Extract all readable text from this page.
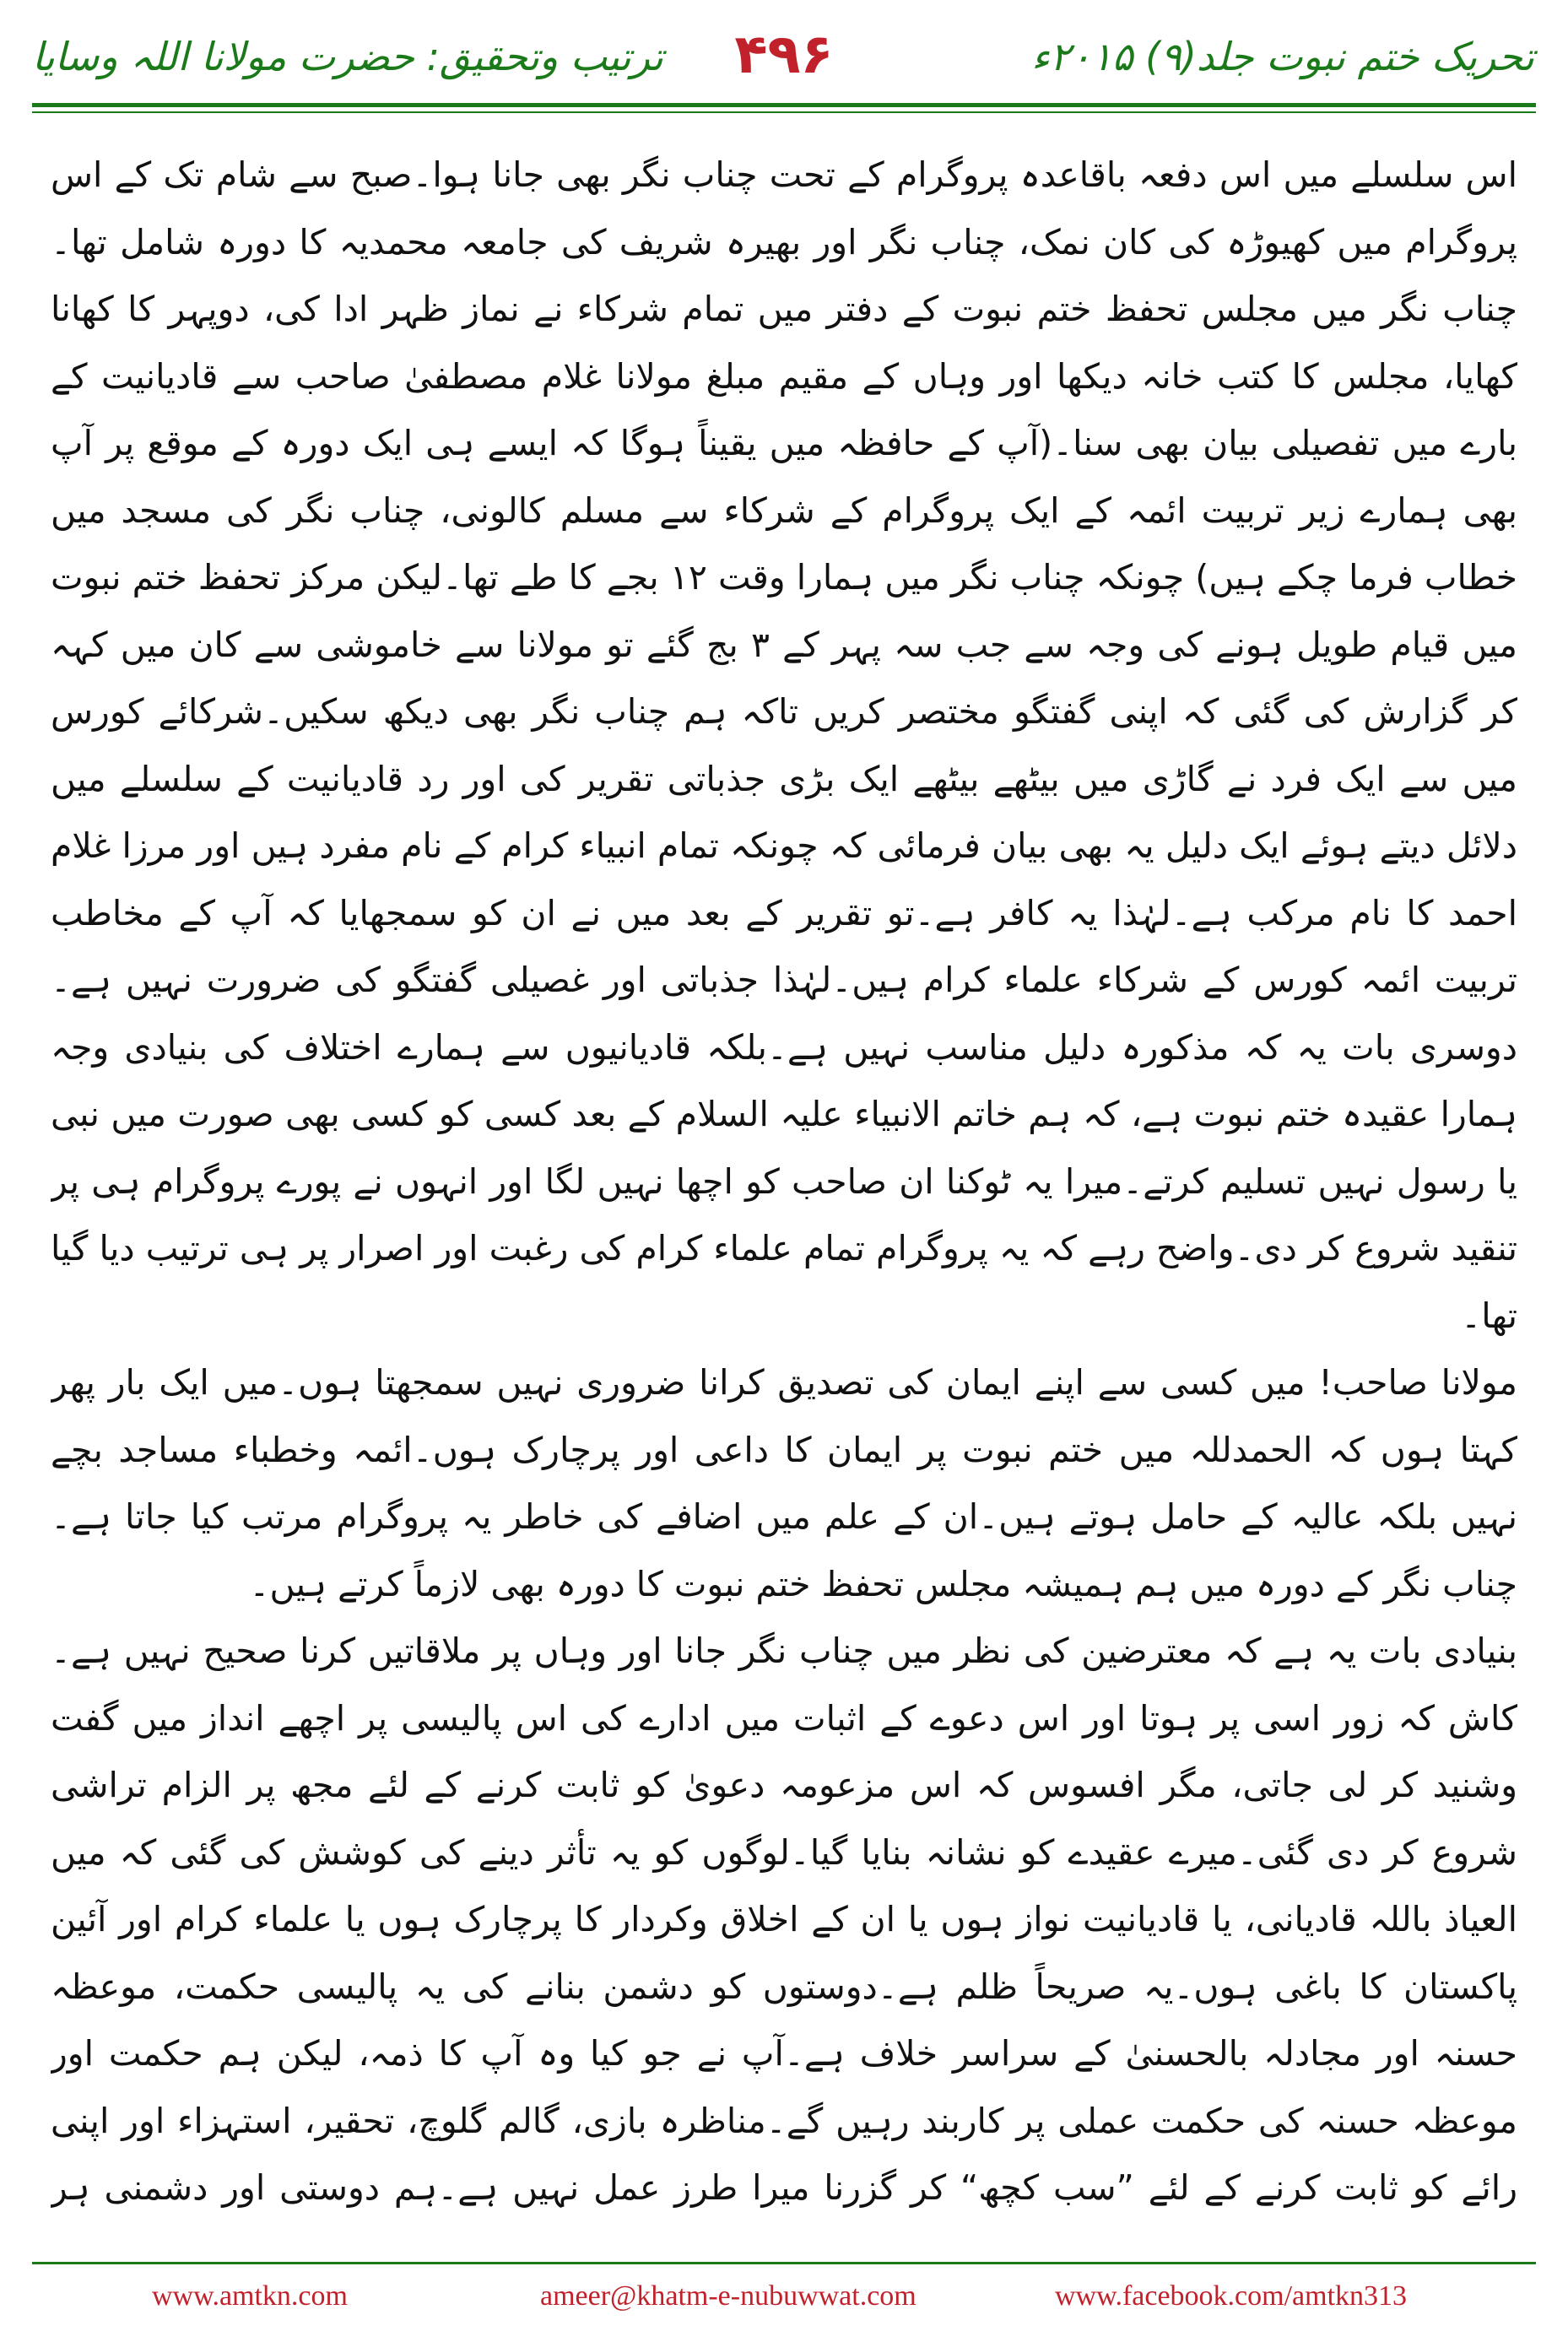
تحریک ختم نبوت جلد(۹) ۲۰۱۵ء
۴۹۶
ترتیب وتحقیق: حضرت مولانا اللہ وسایا

اس سلسلے میں اس دفعہ باقاعدہ پروگرام کے تحت چناب نگر بھی جانا ہوا۔صبح سے شام تک کے اس پروگرام میں کھیوڑہ کی کان نمک، چناب نگر اور بھیرہ شریف کی جامعہ محمدیہ کا دورہ شامل تھا۔چناب نگر میں مجلس تحفظ ختم نبوت کے دفتر میں تمام شرکاء نے نماز ظہر ادا کی، دوپہر کا کھانا کھایا، مجلس کا کتب خانہ دیکھا اور وہاں کے مقیم مبلغ مولانا غلام مصطفیٰ صاحب سے قادیانیت کے بارے میں تفصیلی بیان بھی سنا۔(آپ کے حافظہ میں یقیناً ہوگا کہ ایسے ہی ایک دورہ کے موقع پر آپ بھی ہمارے زیر تربیت ائمہ کے ایک پروگرام کے شرکاء سے مسلم کالونی، چناب نگر کی مسجد میں خطاب فرما چکے ہیں) چونکہ چناب نگر میں ہمارا وقت ۱۲ بجے کا طے تھا۔لیکن مرکز تحفظ ختم نبوت میں قیام طویل ہونے کی وجہ سے جب سہ پہر کے ۳ بج گئے تو مولانا سے خاموشی سے کان میں کہہ کر گزارش کی گئی کہ اپنی گفتگو مختصر کریں تاکہ ہم چناب نگر بھی دیکھ سکیں۔شرکائے کورس میں سے ایک فرد نے گاڑی میں بیٹھے بیٹھے ایک بڑی جذباتی تقریر کی اور رد قادیانیت کے سلسلے میں دلائل دیتے ہوئے ایک دلیل یہ بھی بیان فرمائی کہ چونکہ تمام انبیاء کرام کے نام مفرد ہیں اور مرزا غلام احمد کا نام مرکب ہے۔لہٰذا یہ کافر ہے۔تو تقریر کے بعد میں نے ان کو سمجھایا کہ آپ کے مخاطب تربیت ائمہ کورس کے شرکاء علماء کرام ہیں۔لہٰذا جذباتی اور غصیلی گفتگو کی ضرورت نہیں ہے۔دوسری بات یہ کہ مذکورہ دلیل مناسب نہیں ہے۔بلکہ قادیانیوں سے ہمارے اختلاف کی بنیادی وجہ ہمارا عقیدہ ختم نبوت ہے، کہ ہم خاتم الانبیاء علیہ السلام کے بعد کسی کو کسی بھی صورت میں نبی یا رسول نہیں تسلیم کرتے۔میرا یہ ٹوکنا ان صاحب کو اچھا نہیں لگا اور انہوں نے پورے پروگرام ہی پر تنقید شروع کر دی۔واضح رہے کہ یہ پروگرام تمام علماء کرام کی رغبت اور اصرار پر ہی ترتیب دیا گیا تھا۔

مولانا صاحب! میں کسی سے اپنے ایمان کی تصدیق کرانا ضروری نہیں سمجھتا ہوں۔میں ایک بار پھر کہتا ہوں کہ الحمدللہ میں ختم نبوت پر ایمان کا داعی اور پرچارک ہوں۔ائمہ وخطباء مساجد بچے نہیں بلکہ عالیہ کے حامل ہوتے ہیں۔ان کے علم میں اضافے کی خاطر یہ پروگرام مرتب کیا جاتا ہے۔چناب نگر کے دورہ میں ہم ہمیشہ مجلس تحفظ ختم نبوت کا دورہ بھی لازماً کرتے ہیں۔

بنیادی بات یہ ہے کہ معترضین کی نظر میں چناب نگر جانا اور وہاں پر ملاقاتیں کرنا صحیح نہیں ہے۔کاش کہ زور اسی پر ہوتا اور اس دعوے کے اثبات میں ادارے کی اس پالیسی پر اچھے انداز میں گفت وشنید کر لی جاتی، مگر افسوس کہ اس مزعومہ دعویٰ کو ثابت کرنے کے لئے مجھ پر الزام تراشی شروع کر دی گئی۔میرے عقیدے کو نشانہ بنایا گیا۔لوگوں کو یہ تأثر دینے کی کوشش کی گئی کہ میں العیاذ باللہ قادیانی، یا قادیانیت نواز ہوں یا ان کے اخلاق وکردار کا پرچارک ہوں یا علماء کرام اور آئین پاکستان کا باغی ہوں۔یہ صریحاً ظلم ہے۔دوستوں کو دشمن بنانے کی یہ پالیسی حکمت، موعظہ حسنہ اور مجادلہ بالحسنیٰ کے سراسر خلاف ہے۔آپ نے جو کیا وہ آپ کا ذمہ، لیکن ہم حکمت اور موعظہ حسنہ کی حکمت عملی پر کاربند رہیں گے۔مناظرہ بازی، گالم گلوچ، تحقیر، استہزاء اور اپنی رائے کو ثابت کرنے کے لئے ”سب کچھ“ کر گزرنا میرا طرز عمل نہیں ہے۔ہم دوستی اور دشمنی ہر

www.amtkn.com	ameer@khatm-e-nubuwwat.com	www.facebook.com/amtkn313
